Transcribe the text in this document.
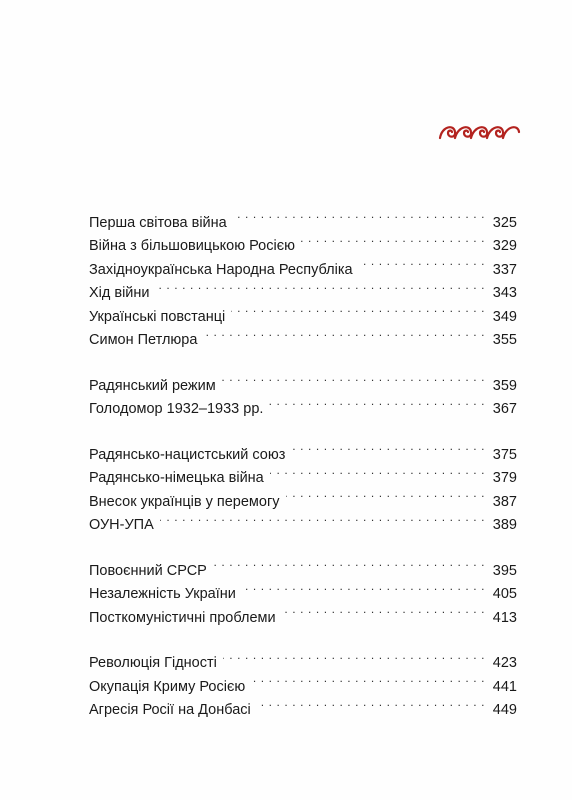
Перша світова війна . . .	325
Війна з більшовицькою Росією . . .	329
Західноукраїнська Народна Республіка . . .	337
Хід війни . . .	343
Українські повстанці . . .	349
Симон Петлюра . . .	355
Радянський режим . . .	359
Голодомор 1932–1933 рр. . . .	367
Радянсько-нацистський союз . . .	375
Радянсько-німецька війна . . .	379
Внесок українців у перемогу . . .	387
ОУН-УПА . . .	389
Повоєнний СРСР . . .	395
Незалежність України . . .	405
Посткомуністичні проблеми . . .	413
Революція Гідності . . .	423
Окупація Криму Росією . . .	441
Агресія Росії на Донбасі . . .	449
